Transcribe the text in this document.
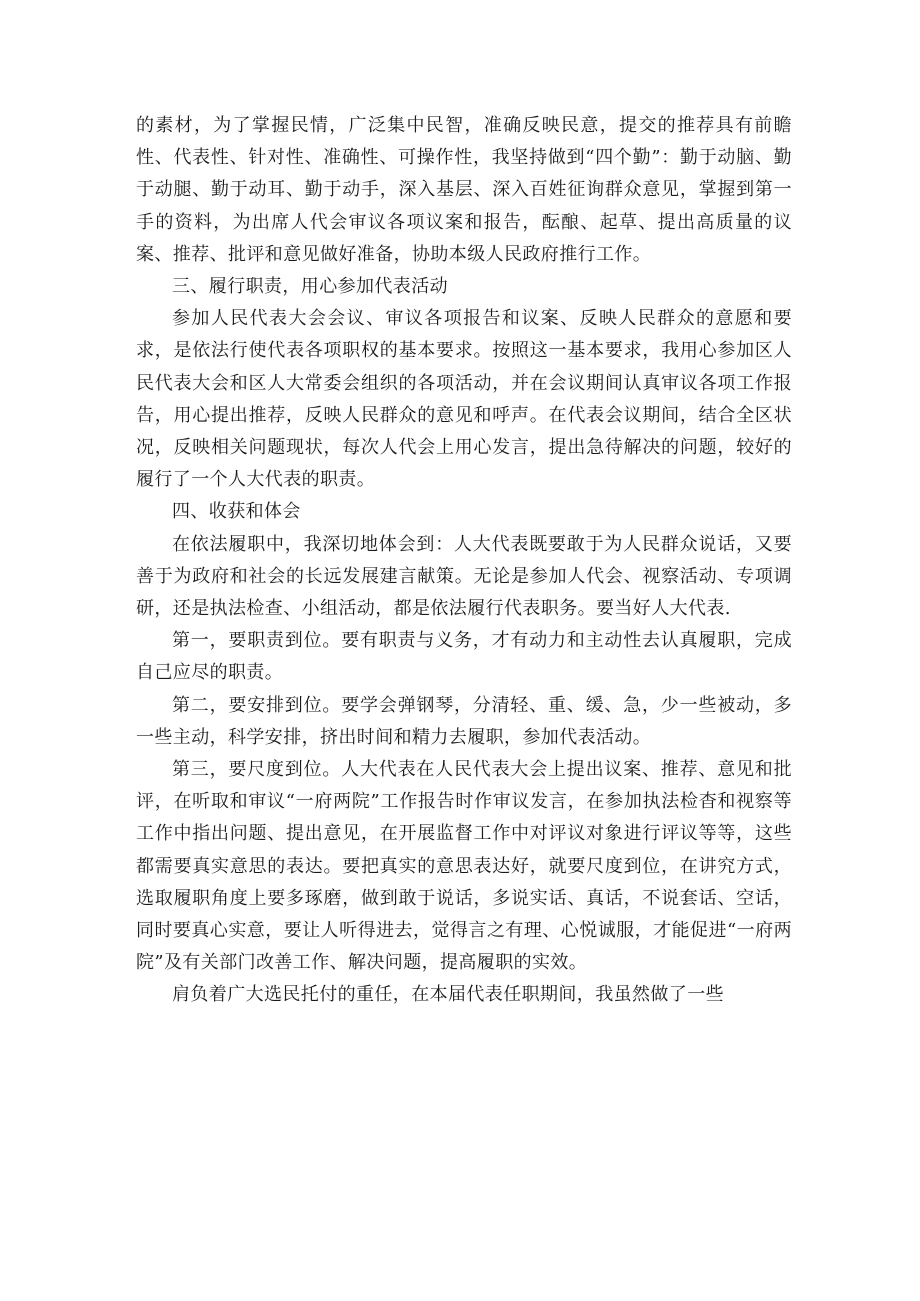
的素材，为了掌握民情，广泛集中民智，准确反映民意，提交的推荐具有前瞻性、代表性、针对性、准确性、可操作性，我坚持做到“四个勤”：勤于动脑、勤于动腿、勤于动耳、勤于动手，深入基层、深入百姓征询群众意见，掌握到第一手的资料，为出席人代会审议各项议案和报告，酝酿、起草、提出高质量的议案、推荐、批评和意见做好准备，协助本级人民政府推行工作。

三、履行职责，用心参加代表活动

参加人民代表大会会议、审议各项报告和议案、反映人民群众的意愿和要求，是依法行使代表各项职权的基本要求。按照这一基本要求，我用心参加区人民代表大会和区人大常委会组织的各项活动，并在会议期间认真审议各项工作报告，用心提出推荐，反映人民群众的意见和呼声。在代表会议期间，结合全区状况，反映相关问题现状，每次人代会上用心发言，提出急待解决的问题，较好的履行了一个人大代表的职责。

四、收获和体会

在依法履职中，我深切地体会到：人大代表既要敢于为人民群众说话，又要善于为政府和社会的长远发展建言献策。无论是参加人代会、视察活动、专项调研，还是执法检查、小组活动，都是依法履行代表职务。要当好人大代表.

第一，要职责到位。要有职责与义务，才有动力和主动性去认真履职，完成自己应尽的职责。

第二，要安排到位。要学会弹钢琴，分清轻、重、缓、急，少一些被动，多一些主动，科学安排，挤出时间和精力去履职，参加代表活动。

第三，要尺度到位。人大代表在人民代表大会上提出议案、推荐、意见和批评，在听取和审议“一府两院”工作报告时作审议发言，在参加执法检杳和视察等工作中指出问题、提出意见，在开展监督工作中对评议对象进行评议等等，这些都需要真实意思的表达。要把真实的意思表达好，就要尺度到位，在讲究方式，选取履职角度上要多琢磨，做到敢于说话，多说实话、真话，不说套话、空话，同时要真心实意，要让人听得进去，觉得言之有理、心悦诚服，才能促进“一府两院”及有关部门改善工作、解决问题，提高履职的实效。

肩负着广大选民托付的重任，在本届代表任职期间，我虽然做了一些
